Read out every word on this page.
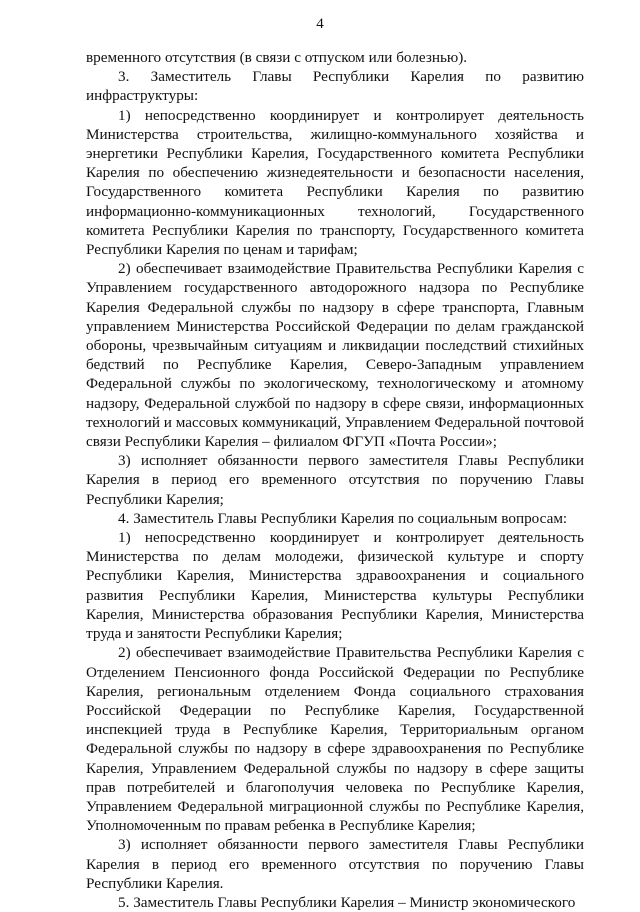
4

временного отсутствия (в связи с отпуском или болезнью).

3. Заместитель Главы Республики Карелия по развитию инфраструктуры:

1) непосредственно координирует и контролирует деятельность Министерства строительства, жилищно-коммунального хозяйства и энергетики Республики Карелия, Государственного комитета Республики Карелия по обеспечению жизнедеятельности и безопасности населения, Государственного комитета Республики Карелия по развитию информационно-коммуникационных технологий, Государственного комитета Республики Карелия по транспорту, Государственного комитета Республики Карелия по ценам и тарифам;

2) обеспечивает взаимодействие Правительства Республики Карелия с Управлением государственного автодорожного надзора по Республике Карелия Федеральной службы по надзору в сфере транспорта, Главным управлением Министерства Российской Федерации по делам гражданской обороны, чрезвычайным ситуациям и ликвидации последствий стихийных бедствий по Республике Карелия, Северо-Западным управлением Федеральной службы по экологическому, технологическому и атомному надзору, Федеральной службой по надзору в сфере связи, информационных технологий и массовых коммуникаций, Управлением Федеральной почтовой связи Республики Карелия – филиалом ФГУП «Почта России»;

3) исполняет обязанности первого заместителя Главы Республики Карелия в период его временного отсутствия по поручению Главы Республики Карелия;

4. Заместитель Главы Республики Карелия по социальным вопросам:

1) непосредственно координирует и контролирует деятельность Министерства по делам молодежи, физической культуре и спорту Республики Карелия, Министерства здравоохранения и социального развития Республики Карелия, Министерства культуры Республики Карелия, Министерства образования Республики Карелия, Министерства труда и занятости Республики Карелия;

2) обеспечивает взаимодействие Правительства Республики Карелия с Отделением Пенсионного фонда Российской Федерации по Республике Карелия, региональным отделением Фонда социального страхования Российской Федерации по Республике Карелия, Государственной инспекцией труда в Республике Карелия, Территориальным органом Федеральной службы по надзору в сфере здравоохранения по Республике Карелия, Управлением Федеральной службы по надзору в сфере защиты прав потребителей и благополучия человека по Республике Карелия, Управлением Федеральной миграционной службы по Республике Карелия, Уполномоченным по правам ребенка в Республике Карелия;

3) исполняет обязанности первого заместителя Главы Республики Карелия в период его временного отсутствия по поручению Главы Республики Карелия.

5. Заместитель Главы Республики Карелия – Министр экономического
